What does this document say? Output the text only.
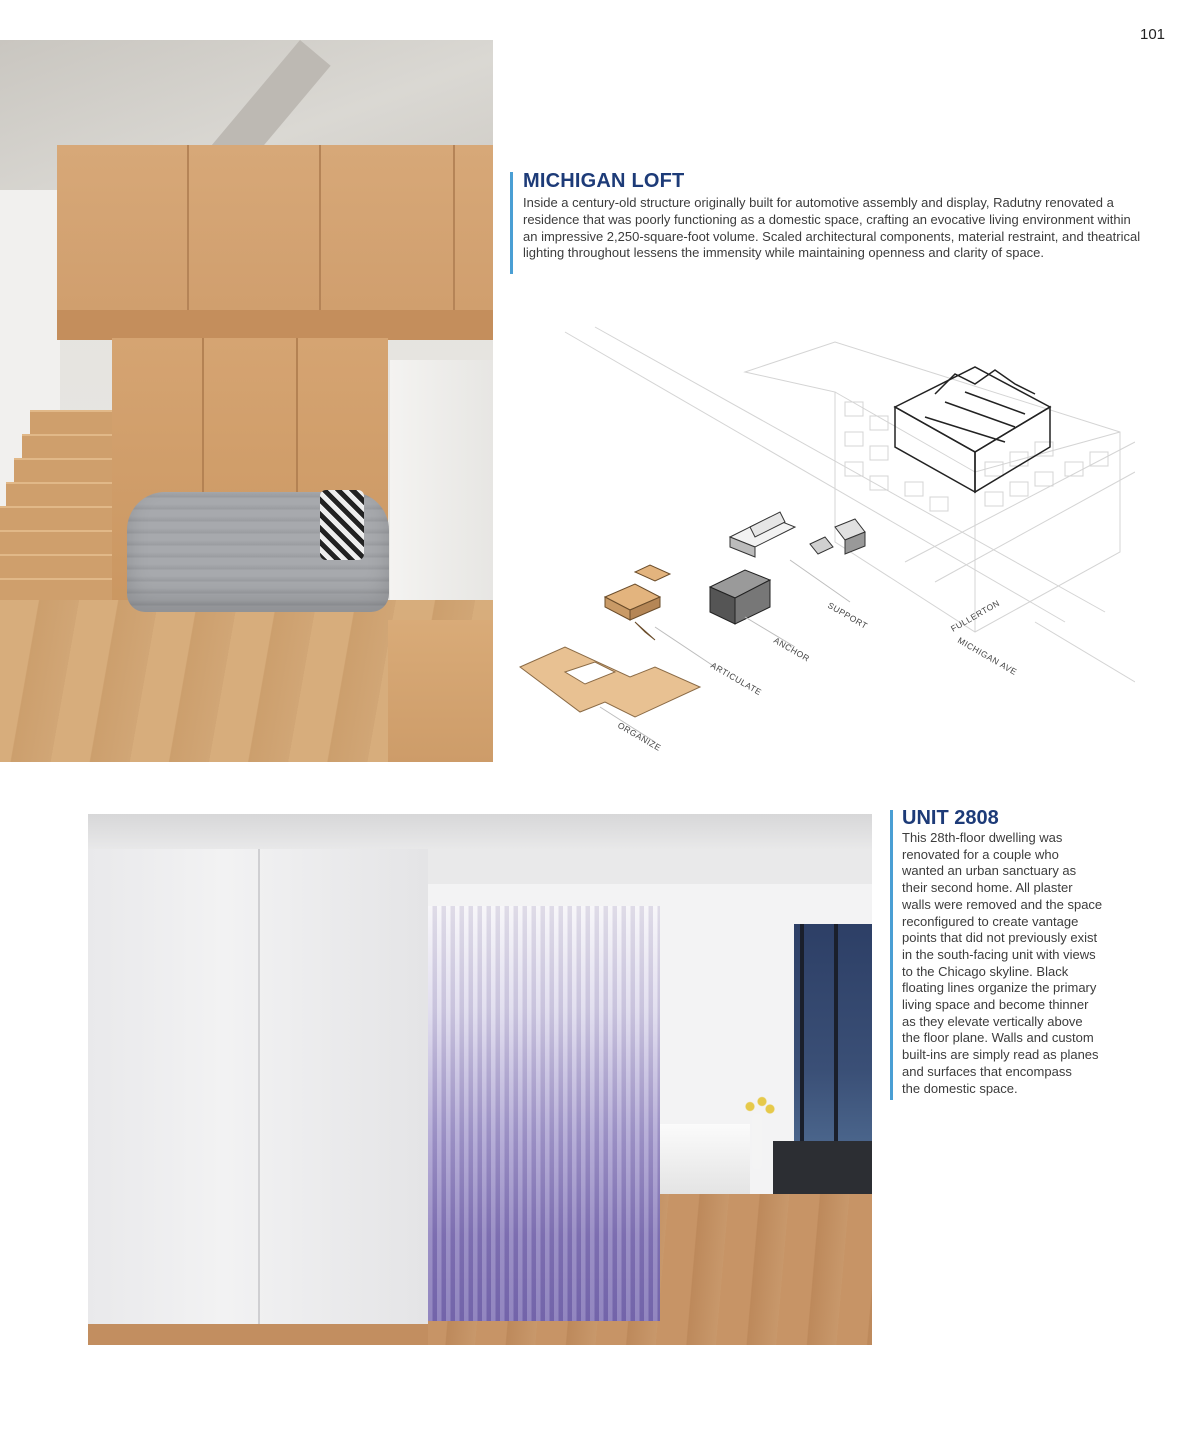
101
MICHIGAN LOFT
Inside a century-old structure originally built for automotive assembly and display, Radutny renovated a residence that was poorly functioning as a domestic space, crafting an evocative living environment within an impressive 2,250-square-foot volume. Scaled architectural components, material restraint, and theatrical lighting throughout lessens the immensity while maintaining openness and clarity of space.
ORGANIZE
ARTICULATE
ANCHOR
SUPPORT	FULLERTON
MICHIGAN AVE
UNIT 2808
This 28th-floor dwelling was
renovated for a couple who
wanted an urban sanctuary as
their second home. All plaster
walls were removed and the space
reconfigured to create vantage
points that did not previously exist
in the south-facing unit with views
to the Chicago skyline. Black
floating lines organize the primary
living space and become thinner
as they elevate vertically above
the floor plane. Walls and custom
built-ins are simply read as planes
and surfaces that encompass
the domestic space.
